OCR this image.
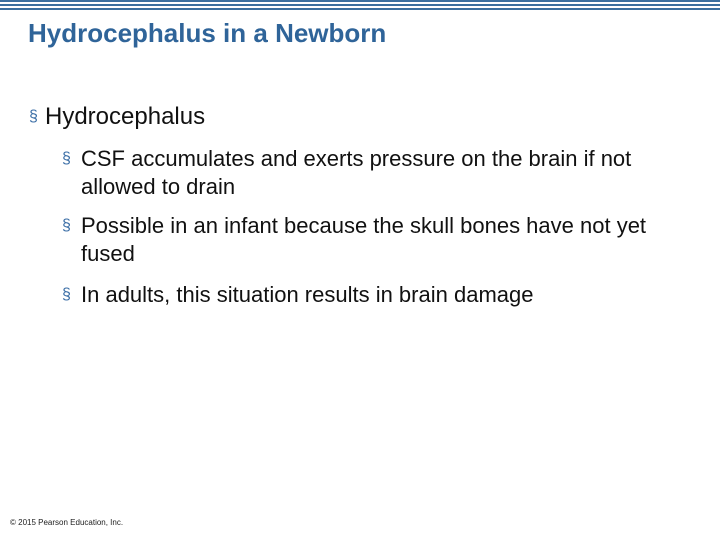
Hydrocephalus in a Newborn
§ Hydrocephalus
§ CSF accumulates and exerts pressure on the brain if not allowed to drain
§ Possible in an infant because the skull bones have not yet fused
§ In adults, this situation results in brain damage
© 2015 Pearson Education, Inc.
